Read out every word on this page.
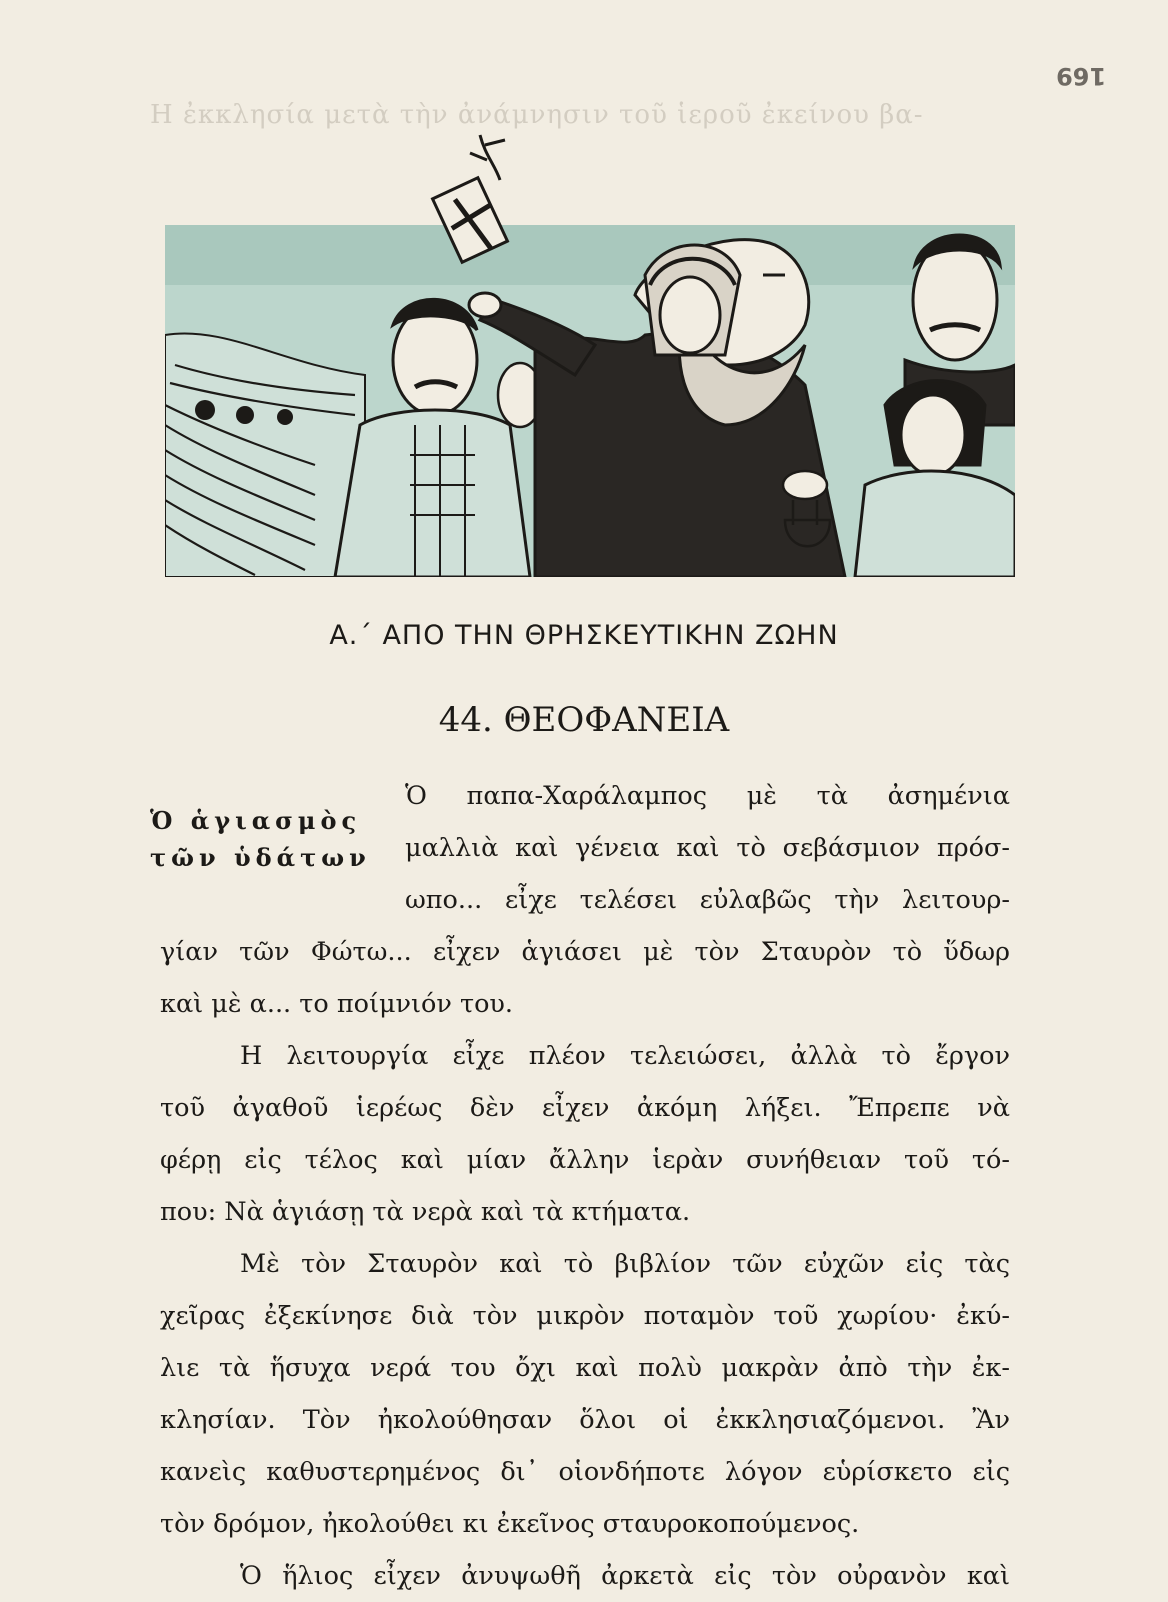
169
Η ἐκκλησία μετὰ τὴν ἀνάμνησιν τοῦ ἱεροῦ ἐκείνου βα-
Α.΄ ΑΠΟ ΤΗΝ ΘΡΗΣΚΕΥΤΙΚΗΝ ΖΩΗΝ
44. ΘΕΟΦΑΝΕΙΑ
Ὁ ἁγιασμὸς
τῶν ὑδάτων
Ὁ παπα-Χαράλαμπος μὲ τὰ ἀσημένια
μαλλιὰ καὶ γένεια καὶ τὸ σεβάσμιον πρόσ-
ωπο... εἶχε τελέσει εὐλαβῶς τὴν λειτουρ-
γίαν τῶν Φώτω... εἶχεν ἁγιάσει μὲ τὸν Σταυρὸν τὸ ὕδωρ
καὶ μὲ α... το ποίμνιόν του.
Η λειτουργία εἶχε πλέον τελειώσει, ἀλλὰ τὸ ἔργον
τοῦ ἀγαθοῦ ἱερέως δὲν εἶχεν ἀκόμη λήξει. Ἔπρεπε νὰ
φέρῃ εἰς τέλος καὶ μίαν ἄλλην ἱερὰν συνήθειαν τοῦ τό-
που: Νὰ ἁγιάσῃ τὰ νερὰ καὶ τὰ κτήματα.
Μὲ τὸν Σταυρὸν καὶ τὸ βιβλίον τῶν εὐχῶν εἰς τὰς
χεῖρας ἐξεκίνησε διὰ τὸν μικρὸν ποταμὸν τοῦ χωρίου· ἐκύ-
λιε τὰ ἥσυχα νερά του ὄχι καὶ πολὺ μακρὰν ἀπὸ τὴν ἐκ-
κλησίαν. Τὸν ἠκολούθησαν ὅλοι οἱ ἐκκλησιαζόμενοι. Ἂν
κανεὶς καθυστερημένος δι᾽ οἱονδήποτε λόγον εὑρίσκετο εἰς
τὸν δρόμον, ἠκολούθει κι ἐκεῖνος σταυροκοπούμενος.
Ὁ ἥλιος εἶχεν ἀνυψωθῆ ἀρκετὰ εἰς τὸν οὐρανὸν καὶ
